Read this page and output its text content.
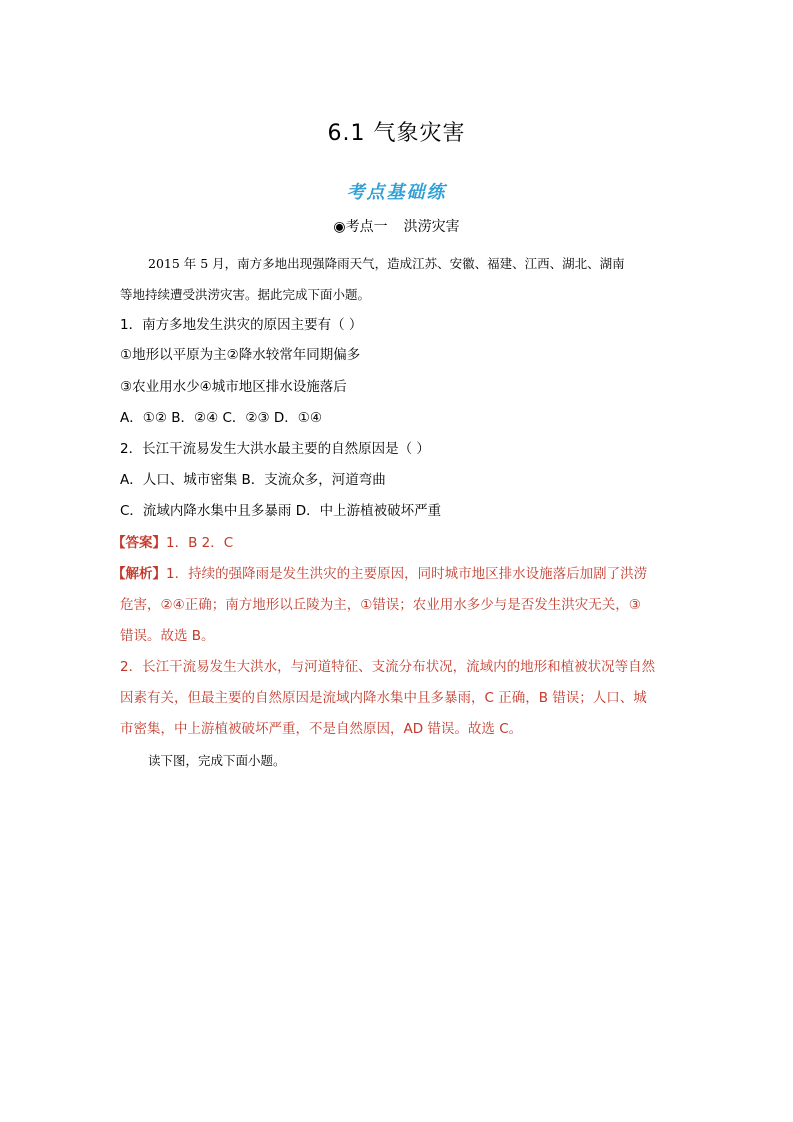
6.1 气象灾害
考点基础练
◉考点一 洪涝灾害
2015 年 5 月，南方多地出现强降雨天气，造成江苏、安徽、福建、江西、湖北、湖南
等地持续遭受洪涝灾害。据此完成下面小题。
1．南方多地发生洪灾的原因主要有（ ）
①地形以平原为主②降水较常年同期偏多
③农业用水少④城市地区排水设施落后
A．①② B．②④ C．②③ D．①④
2．长江干流易发生大洪水最主要的自然原因是（ ）
A．人口、城市密集 B．支流众多，河道弯曲
C．流域内降水集中且多暴雨 D．中上游植被破坏严重
【答案】1．B 2．C
【解析】1．持续的强降雨是发生洪灾的主要原因，同时城市地区排水设施落后加剧了洪涝
危害，②④正确；南方地形以丘陵为主，①错误；农业用水多少与是否发生洪灾无关，③
错误。故选 B。
2．长江干流易发生大洪水，与河道特征、支流分布状况，流域内的地形和植被状况等自然
因素有关，但最主要的自然原因是流域内降水集中且多暴雨，C 正确，B 错误；人口、城
市密集，中上游植被破坏严重，不是自然原因，AD 错误。故选 C。
读下图，完成下面小题。
